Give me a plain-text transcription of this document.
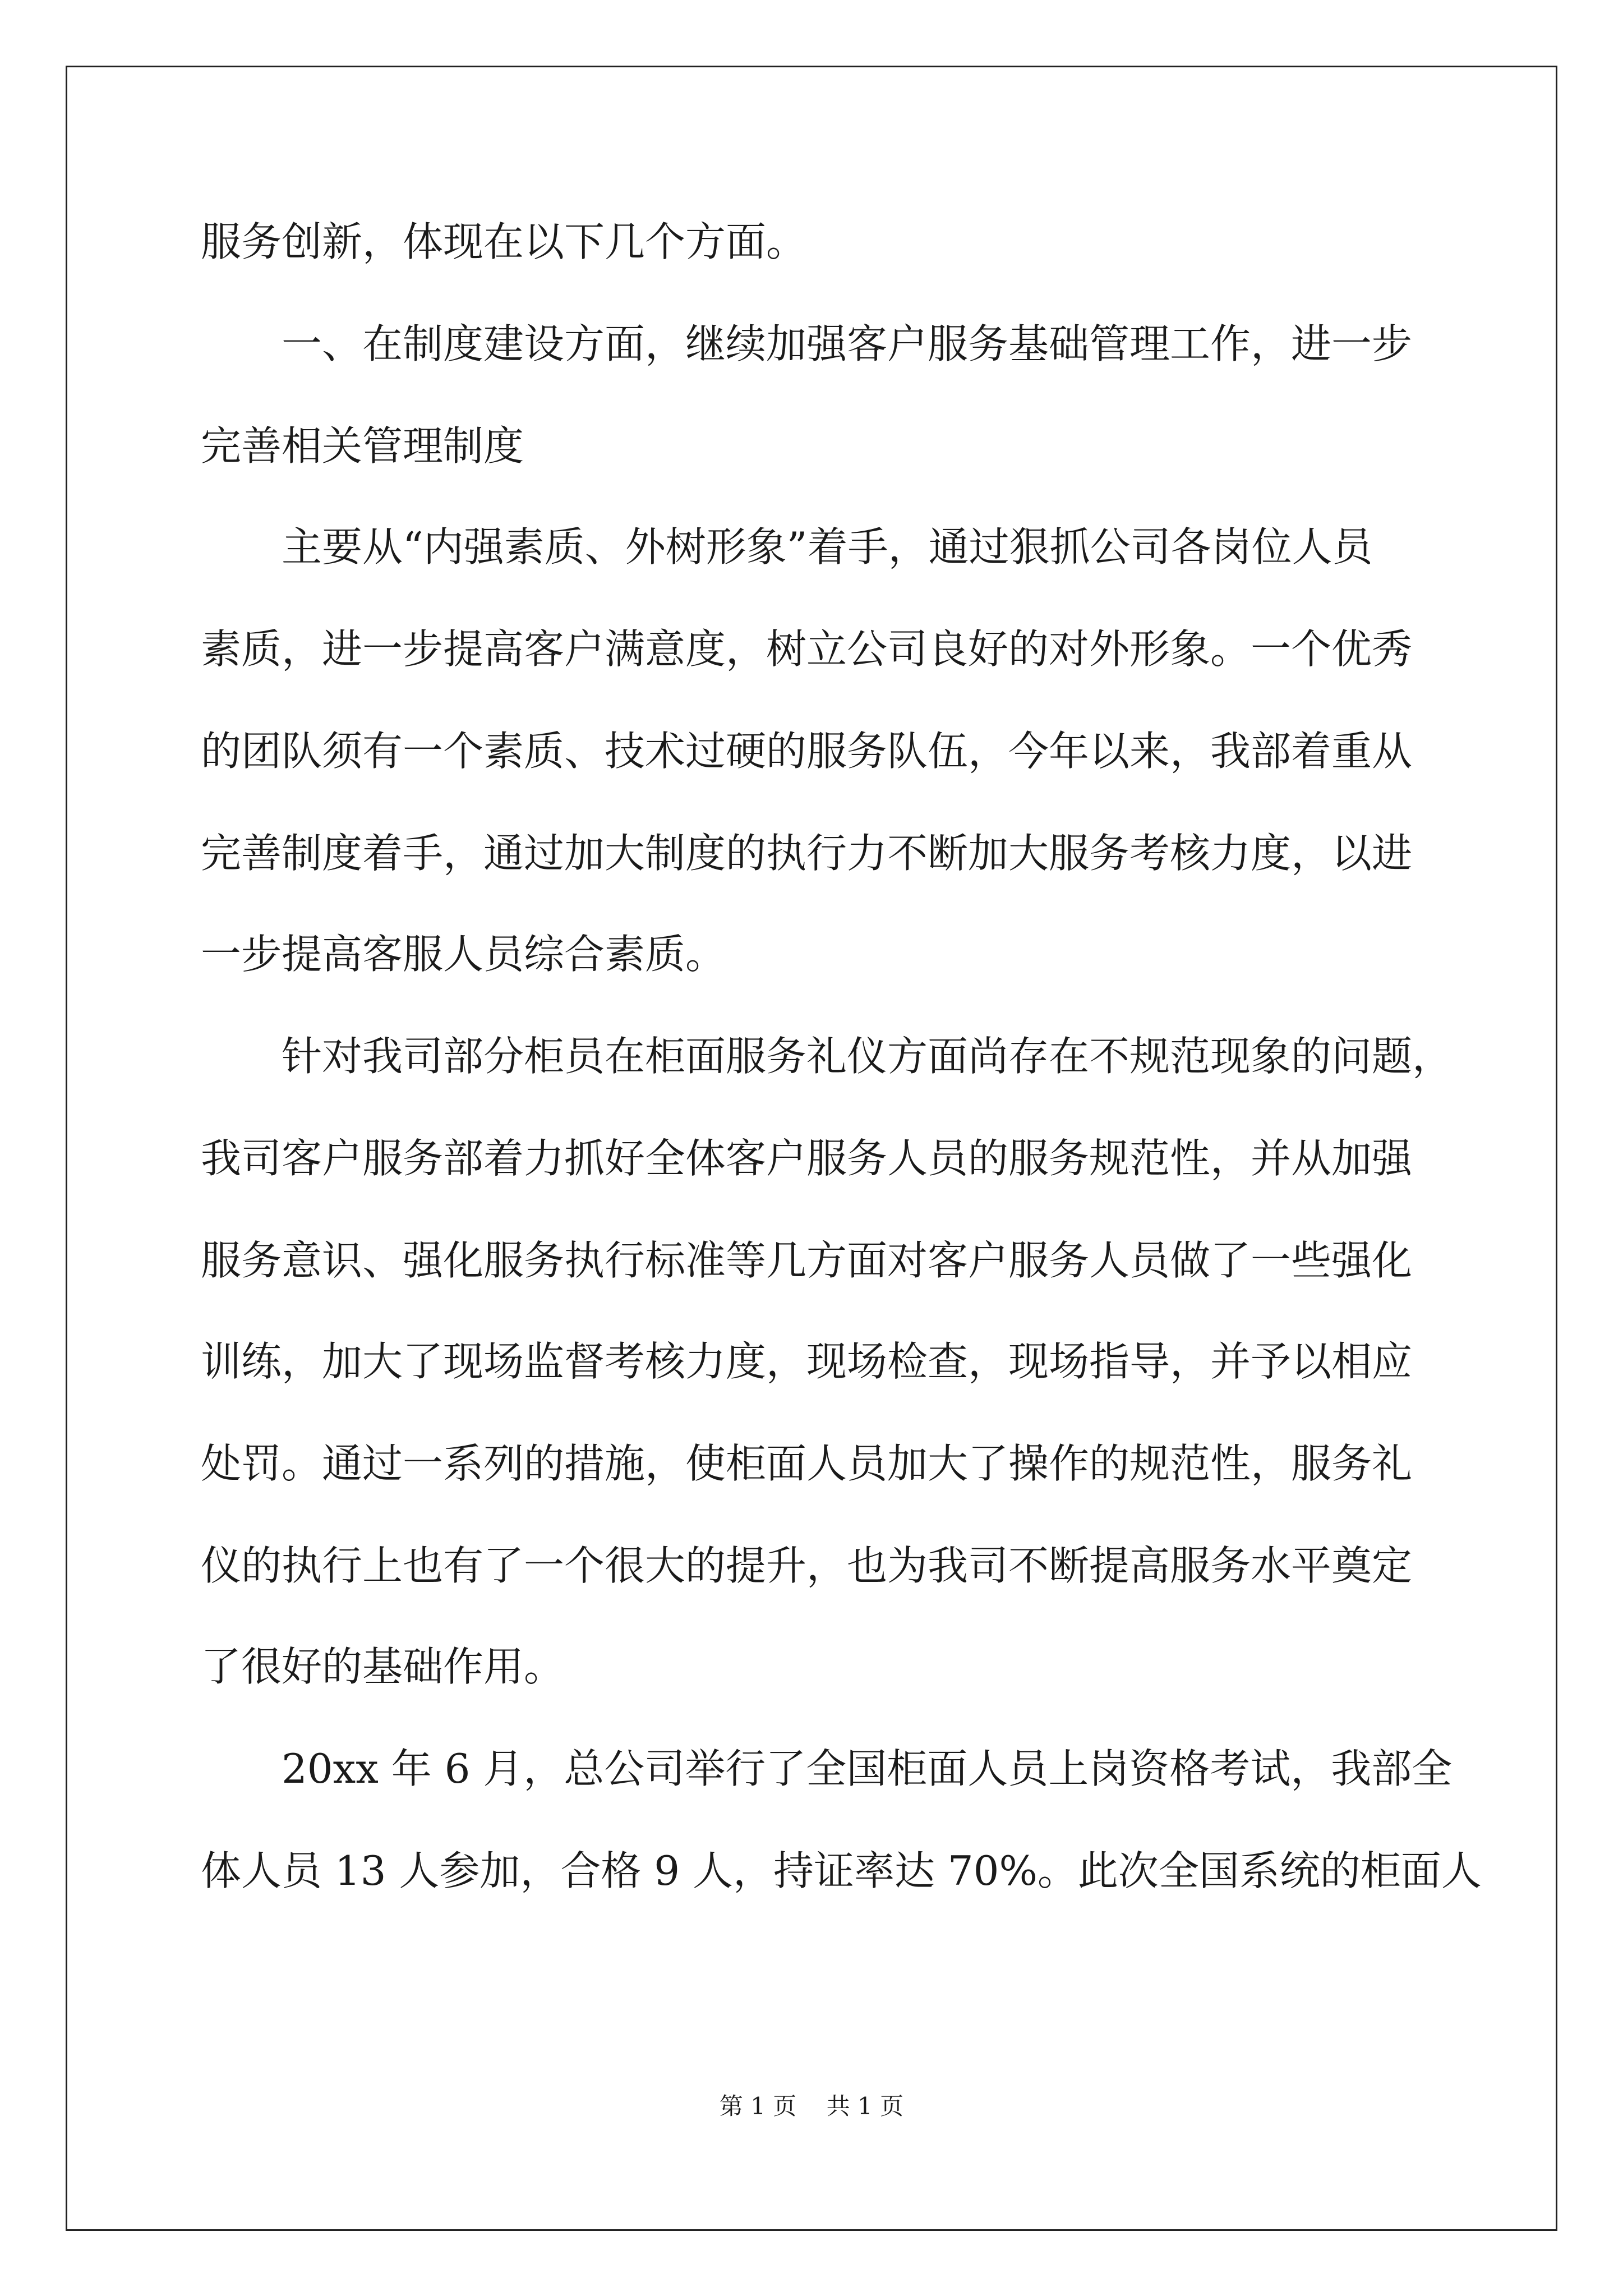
服务创新，体现在以下几个方面。

一、在制度建设方面，继续加强客户服务基础管理工作，进一步

完善相关管理制度

主要从“内强素质、外树形象”着手，通过狠抓公司各岗位人员

素质，进一步提高客户满意度，树立公司良好的对外形象。一个优秀

的团队须有一个素质、技术过硬的服务队伍，今年以来，我部着重从

完善制度着手，通过加大制度的执行力不断加大服务考核力度，以进

一步提高客服人员综合素质。

针对我司部分柜员在柜面服务礼仪方面尚存在不规范现象的问题，

我司客户服务部着力抓好全体客户服务人员的服务规范性，并从加强

服务意识、强化服务执行标准等几方面对客户服务人员做了一些强化

训练，加大了现场监督考核力度，现场检查，现场指导，并予以相应

处罚。通过一系列的措施，使柜面人员加大了操作的规范性，服务礼

仪的执行上也有了一个很大的提升，也为我司不断提高服务水平奠定

了很好的基础作用。

20xx 年 6 月，总公司举行了全国柜面人员上岗资格考试，我部全

体人员 13 人参加，合格 9 人，持证率达 70%。此次全国系统的柜面人

第 1 页    共 1 页
